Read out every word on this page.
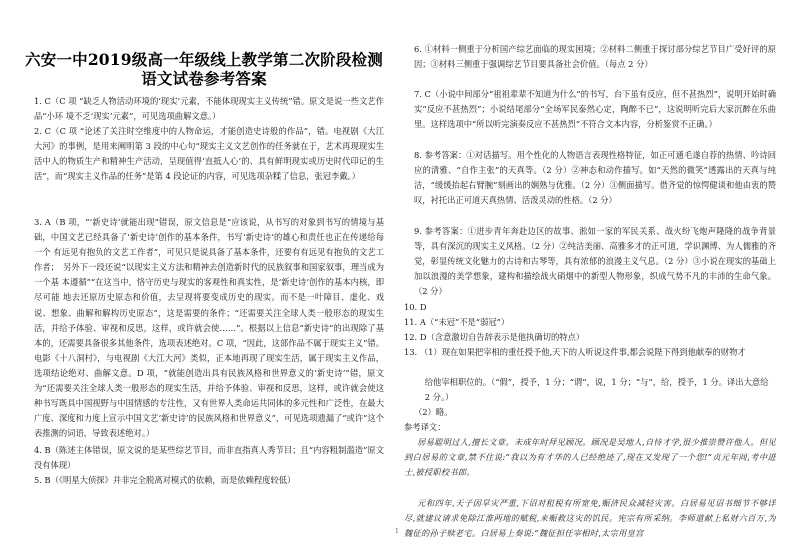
六安一中2019级高一年级线上教学第二次阶段检测
语文试卷参考答案

1. C（C 项 “缺乏人物活动环境的‘现实’元素，不能体现现实主义传统”错。原文是说一些文艺作品“小环 境不乏‘现实’元素”，可见选项曲解文意。）

2. C（C 项 “论述了关注时空维度中的人物命运，才能创造史诗般的作品”，错。电视剧《大江大河》的事例，是用来阐明第 3 段的中心句“现实主义文艺创作的任务就在于，艺术再现现实生活中人的物质生产和精神生产活动，呈现值得‘直抵人心’的、具有鲜明现实或历史时代印记的生活”，而“现实主义作品的任务”是第 4 段论证的内容，可见选项杂糅了信息，张冠李戴。）

3. A（B 项，“‘新史诗’就能出现”错误，原文信息是“应该说，从书写的对象到书写的情境与基础，中国文艺已经具备了‘新史诗’创作的基本条件，书写‘新史诗’的雄心和责任也正在传递给每一个 有远见有抱负的文艺工作者”，可见只是说具备了基本条件，还要有有远见有抱负的文艺工作者；　另外下一段还说“以现实主义方法和精神去创造新时代的民族叙事和国家叙事，理当成为一个基 本遵循”“在这当中，恪守历史与现实的客观性和真实性，是‘新史诗’创作的基本内核，即尽可能 地去还原历史原态和价值，去呈现将要变成历史的现实。而不是一叶障目、虚化、戏说、想象、曲解和解构历史原态”，这是需要的条件；“还需要关注全球人类一般形态的现实生活，并给予体验、审视和反思，这样，或许就会使……”。根据以上信息“新史诗”的出现除了基本的，还需要具备很多其他条件，选项表述绝对。C 项，“因此，这部作品不属于现实主义”错。电影《十八洞村》，与电视剧《大江大河》类似，正本地再现了现实生活，属于现实主义作品，选项结论绝对、曲解文意。D 项，“就能创造出具有民族风格和世界意义的‘新史诗’”错，原文为“还需要关注全球人类一般形态的现实生活，并给予体验、审视和反思，这样，或许就会使这种书写既具中国视野与中国情感的专注性，又有世界人类命运共同体的多元性和广泛性，在最大广度、深度和力度上宣示中国文艺‘新史诗’的民族风格和世界意义”，可见选项遗漏了“或许”这个表推测的词语，导致表述绝对。）

4. B（陈述主体错误，原文说的是某些综艺节目，而非直指真人秀节目；且“内容粗制滥造”原文没有体现）

5. B（《明星大侦探》并非完全脱离对模式的依赖，而是依赖程度较低）

6. ①材料一侧重于分析国产综艺面临的现实困境；②材料二侧重于探讨部分综艺节目广受好评的原因；③材料三侧重于强调综艺节目要具备社会价值。（每点 2 分）

7. C（小说中间部分“祖祖辈辈不知道为什么”的书写，台下虽有反应，但不甚热烈”，说明开始时确实“反应不甚热烈”；小说结尾部分“全场军民泰然心定，陶醉不已”，这说明听完后大家沉醉在乐曲里。这样选项中“所以听完演奏反应不甚热烈”不符合文本内容，分析鉴赏不正确。）

8. 参考答案：①对话描写。用个性化的人物语言表现性格特征，如正可通毛遂自荐的热情、吟诗回应的清雅、“自作主张”的天真等。（2 分）②神态和动作描写。如“天然的微笑”透露出的天真与纯洁，“缓缓抬起右臂腕”刻画出的娴熟与优雅。（2 分）③侧面描写。借齐觉的惊愕健谈和他由衷的赞叹，衬托出正可道天真热情、活泼灵动的性格。（2 分）

9. 参考答案：①进步青年奔赴边区的故事、淞如一家的军民关系、战火纷飞炮声隆隆的战争背景等，具有深沉的现实主义风格。（2 分）②纯洁美丽、高雅多才的正可道，学识渊博、为人儒雅的齐觉，彰显传统文化魅力的古诗和古琴等，具有浓郁的浪漫主义气息。（2 分）③小说在现实的基础上加以浪漫的美学想象，建构和描绘战火硝烟中的新型人物形象，织成气势不凡的丰沛的生命气象。（2 分）

10. D

11. A（“未冠”不是“弱冠”）

12. D（含意激切自告辞表示是他执确切的特点）

13. （1）现在如果把宰相的重任授予他,天下的人听说这件事,都会说陛下得到他献奉的财物才

给他宰相职位的。（“假”，授予，1 分；“谓”，说，1 分；“与”，给，授予，1 分。译出大意给 2 分。）

（2）略。

参考译文：

居易聪明过人,擅长文章。未成年时拜见顾况。顾况是吴地人,自恃才学,很少推崇赞许他人。但见到白居易的文章,禁不住说:“我以为有才华的人已经绝迹了,现在又发现了一个您!”贞元年间,考中进士,被授职校书郎。

元和四年,天子因旱灾严重,下诏对租税有所宽免,赈济民众减轻灾害。白居易见诏书细节不够详尽,就建议请求免除江淮两地的赋税,来赈救这灾的饥民。宪宗有所采纳。李师道献上私财六百万,为魏征的孙子赎老宅。白居易上奏说:“魏征担任宰相时,太宗用皇宫

1
